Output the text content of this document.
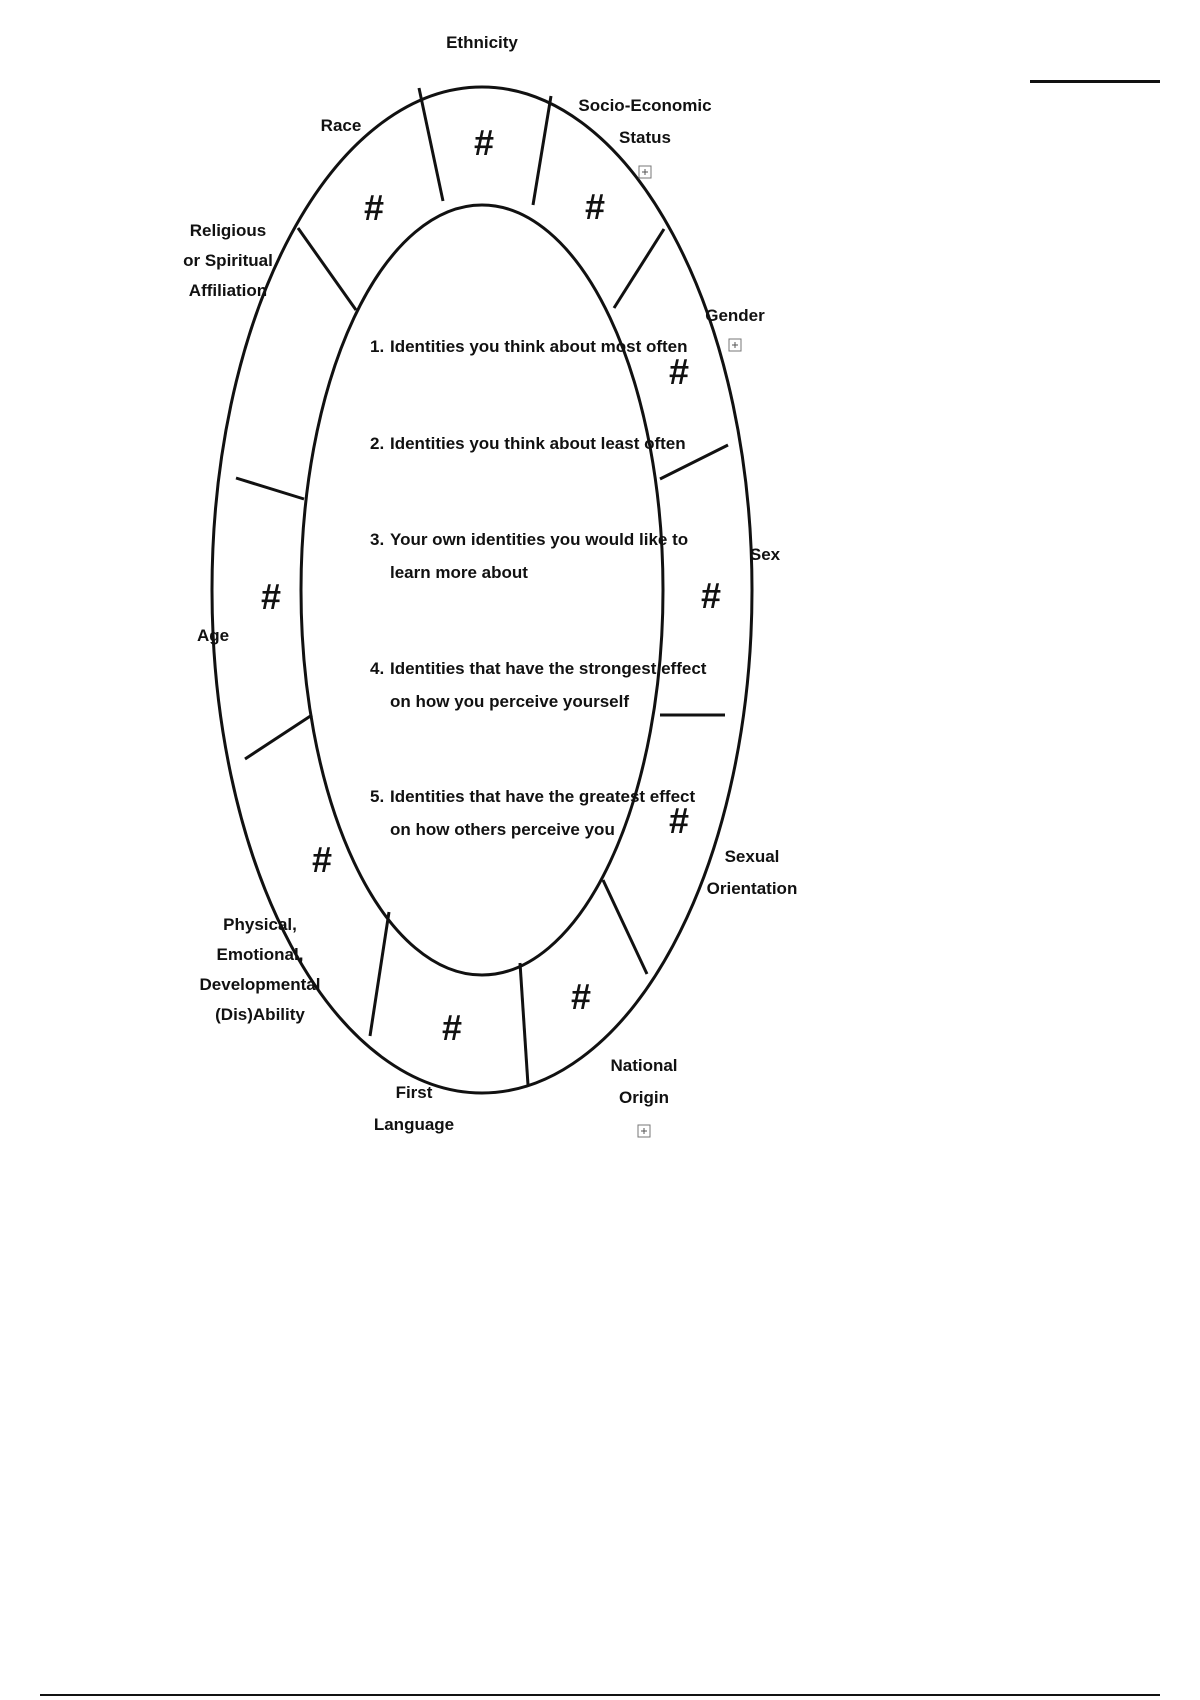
#
#
#
#
#
#
#
#
#
#
Ethnicity
Socio-Economic
Status
Gender
Sex
Sexual
Orientation
National
Origin
First
Language
Physical,
Emotional,
Developmental
(Dis)Ability
Age
Religious
or Spiritual
Affiliation
Race
1. Identities you think about most often
2. Identities you think about least often
3. Your own identities you would like to
learn more about
4. Identities that have the strongest effect
on how you perceive yourself
5. Identities that have the greatest effect
on how others perceive you
